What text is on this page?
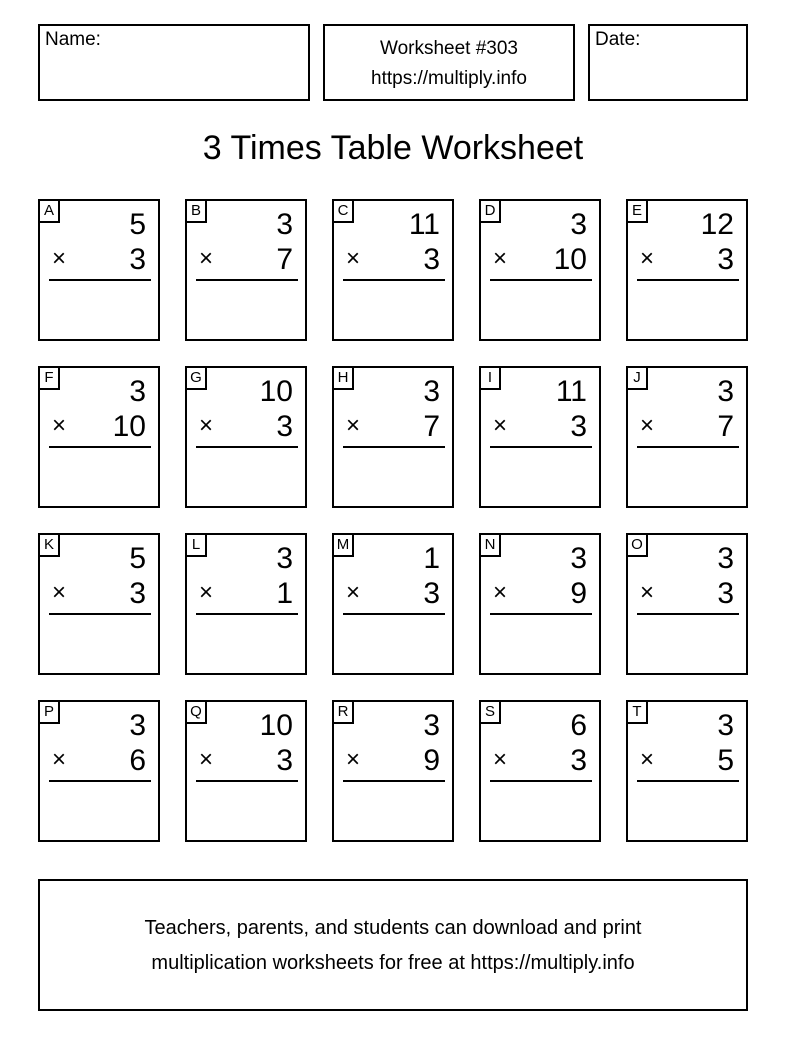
Name:	Worksheet #303
https://multiply.info
Date:
3 Times Table Worksheet
A	5
× 3
B	3
× 7
C 11
× 3
D 3
× 10
E 12
× 3
F	3
× 10
G 10
× 3
H 3
× 7
I 11
× 3
J	3
× 7
K	5
× 3
L	3
× 1
M 1
× 3
N 3
× 9
O 3
× 3
P	3
× 6
Q 10
× 3
R 3
× 9
S	6
× 3
T	3
× 5
Teachers, parents, and students can download and print
multiplication worksheets for free at https://multiply.info
